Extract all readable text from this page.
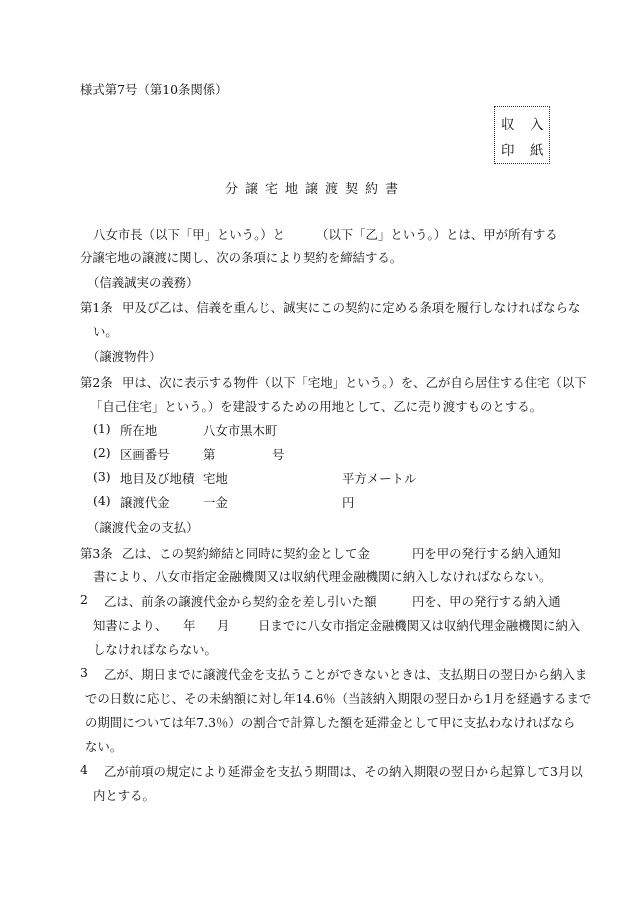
様式第7号（第10条関係）
収 入
印 紙
分譲宅地譲渡契約書
八女市長（以下「甲」という。）と （以下「乙」という。）とは、甲が所有する
分譲宅地の譲渡に関し、次の条項により契約を締結する。
（信義誠実の義務）
第1条 甲及び乙は、信義を重んじ、誠実にこの契約に定める条項を履行しなければならな
い。
（譲渡物件）
第2条 甲は、次に表示する物件（以下「宅地」という。）を、乙が自ら居住する住宅（以下
「自己住宅」という。）を建設するための用地として、乙に売り渡すものとする。
(1) 所在地	八女市黒木町
(2) 区画番号	第	号
(3) 地目及び地積 宅地	平方メートル
(4) 譲渡代金	一金	円
（譲渡代金の支払）
第3条 乙は、この契約締結と同時に契約金として金	円を甲の発行する納入通知
書により、八女市指定金融機関又は収納代理金融機関に納入しなければならない。
2 乙は、前条の譲渡代金から契約金を差し引いた額	円を、甲の発行する納入通
知書により、 年 月 日までに八女市指定金融機関又は収納代理金融機関に納入
しなければならない。
3 乙が、期日までに譲渡代金を支払うことができないときは、支払期日の翌日から納入ま
での日数に応じ、その未納額に対し年14.6％（当該納入期限の翌日から1月を経過するまで
の期間については年7.3％）の割合で計算した額を延滞金として甲に支払わなければなら
ない。
4 乙が前項の規定により延滞金を支払う期間は、その納入期限の翌日から起算して3月以
内とする。
